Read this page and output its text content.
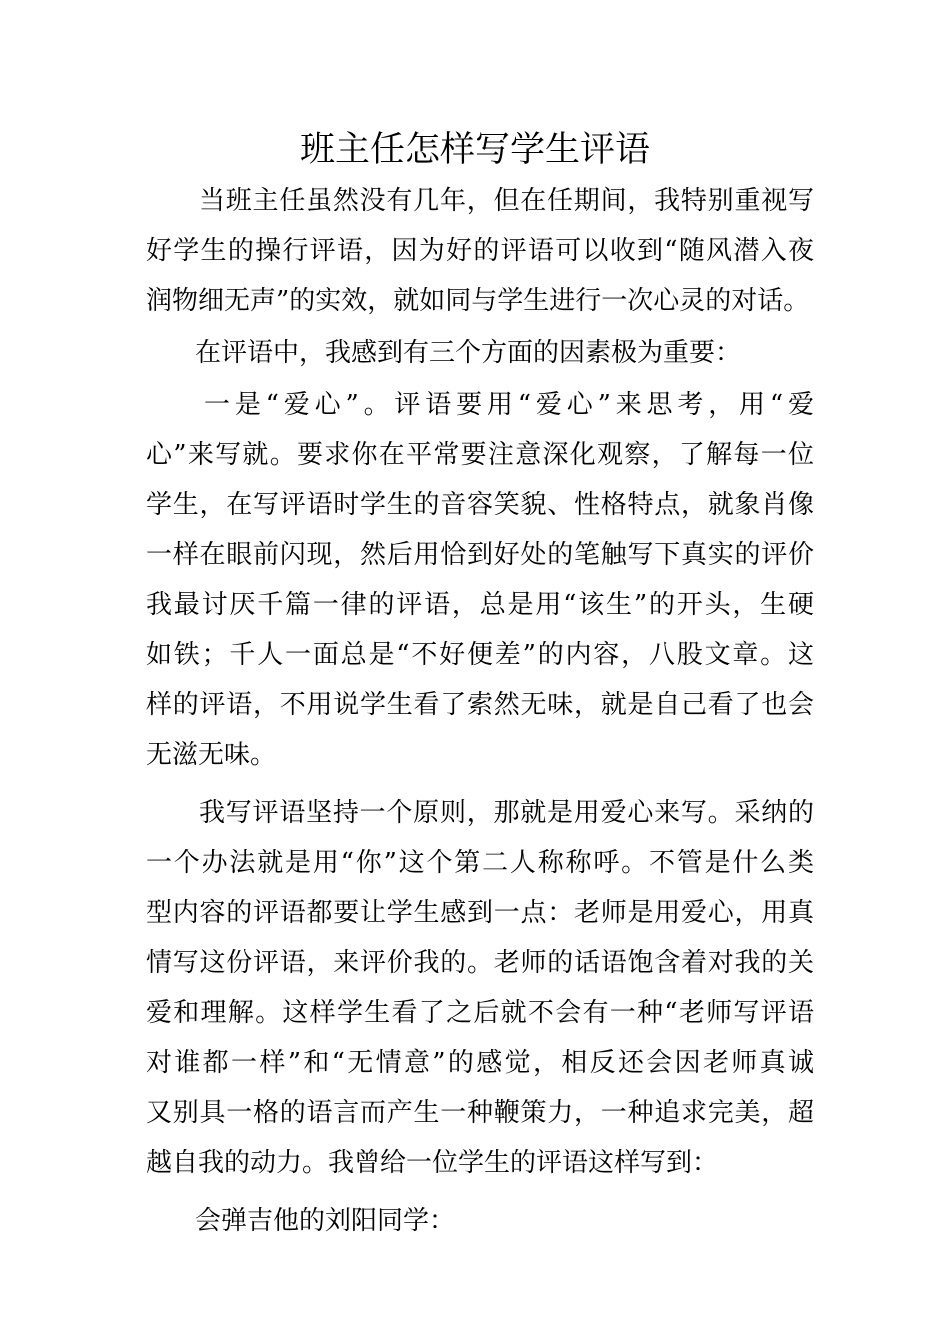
班主任怎样写学生评语
当班主任虽然没有几年，但在任期间，我特别重视写
好学生的操行评语，因为好的评语可以收到“随风潜入夜
润物细无声”的实效，就如同与学生进行一次心灵的对话。
在评语中，我感到有三个方面的因素极为重要：
一是“爱心”。评语要用“爱心”来思考，用“爱
心”来写就。要求你在平常要注意深化观察，了解每一位
学生，在写评语时学生的音容笑貌、性格特点，就象肖像
一样在眼前闪现，然后用恰到好处的笔触写下真实的评价
我最讨厌千篇一律的评语，总是用“该生”的开头，生硬
如铁；千人一面总是“不好便差”的内容，八股文章。这
样的评语，不用说学生看了索然无味，就是自己看了也会
无滋无味。
我写评语坚持一个原则，那就是用爱心来写。采纳的
一个办法就是用“你”这个第二人称称呼。不管是什么类
型内容的评语都要让学生感到一点：老师是用爱心，用真
情写这份评语，来评价我的。老师的话语饱含着对我的关
爱和理解。这样学生看了之后就不会有一种“老师写评语
对谁都一样”和“无情意”的感觉，相反还会因老师真诚
又别具一格的语言而产生一种鞭策力，一种追求完美，超
越自我的动力。我曾给一位学生的评语这样写到：
会弹吉他的刘阳同学：
